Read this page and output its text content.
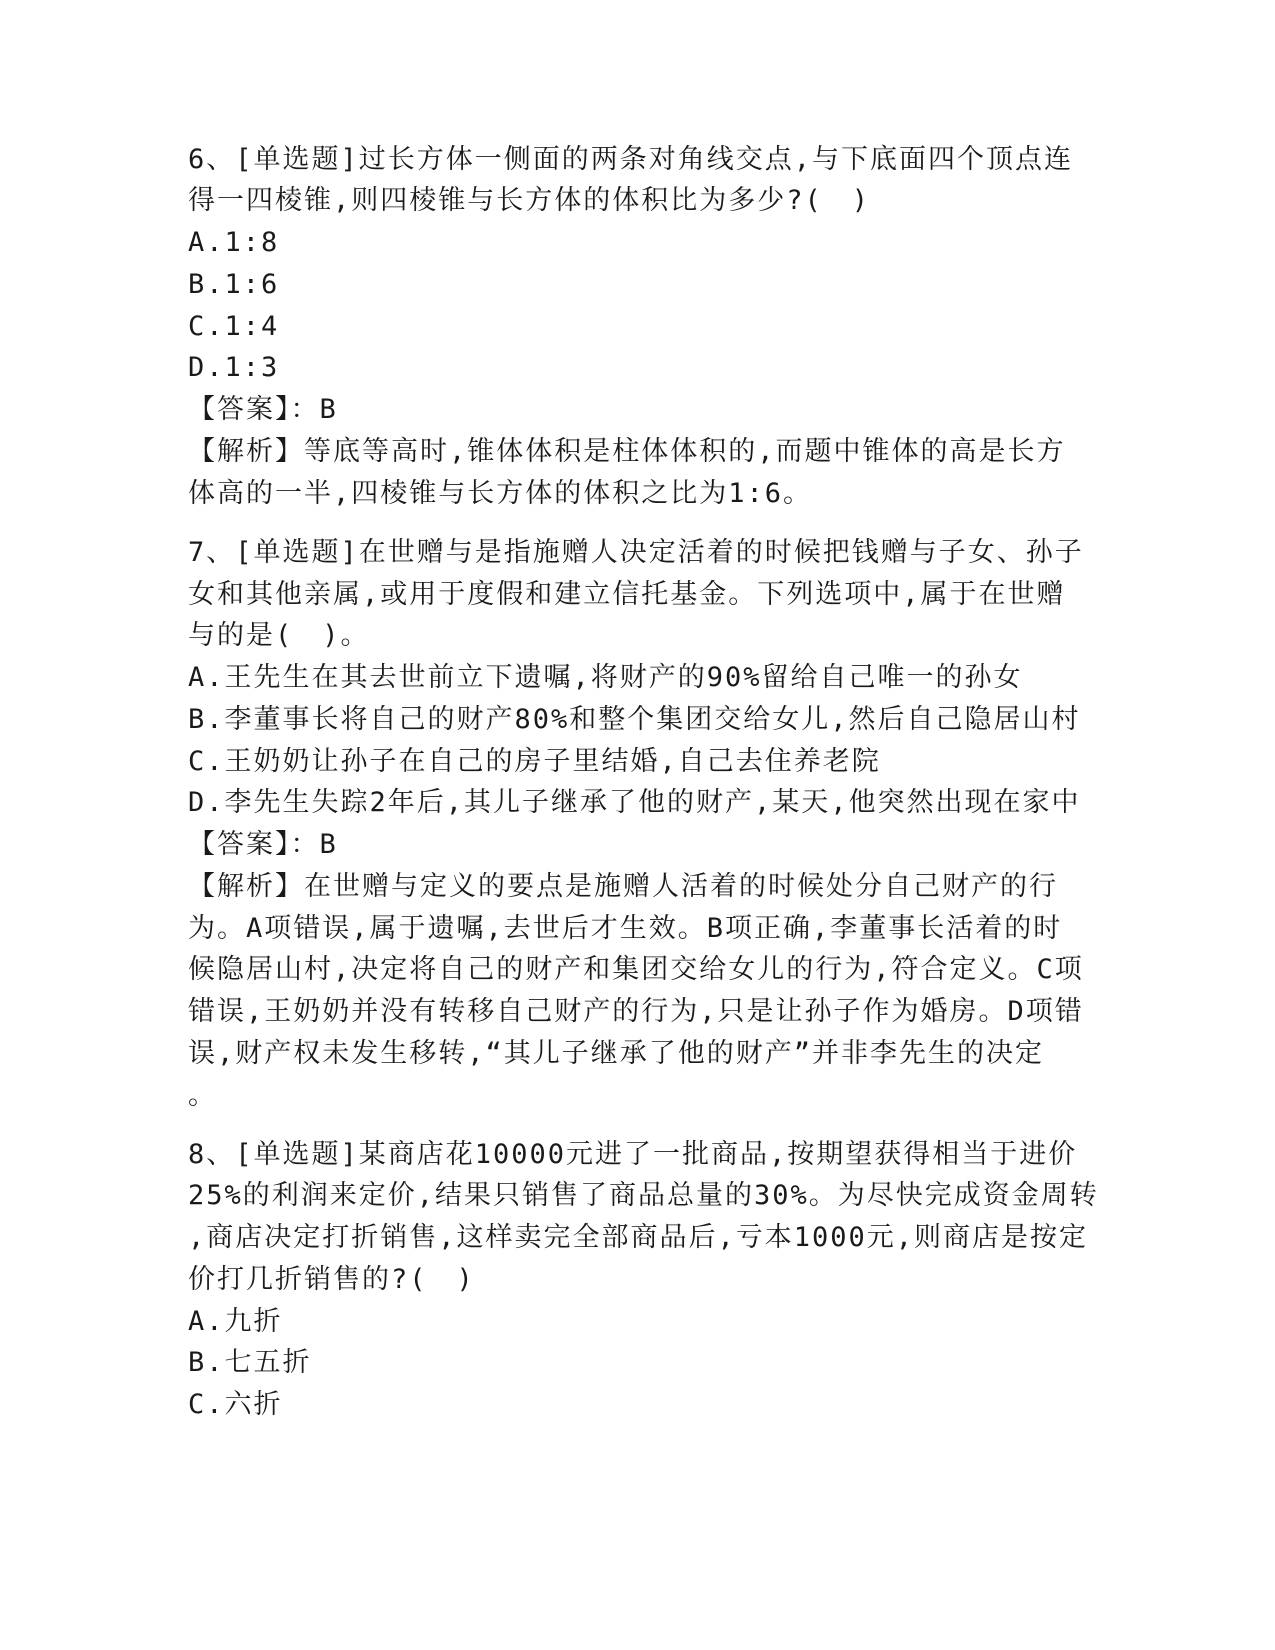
6、[单选题]过长方体一侧面的两条对角线交点,与下底面四个顶点连
得一四棱锥,则四棱锥与长方体的体积比为多少?(　)
A.1:8
B.1:6
C.1:4
D.1:3
【答案】：B
【解析】等底等高时,锥体体积是柱体体积的,而题中锥体的高是长方
体高的一半,四棱锥与长方体的体积之比为1:6。
7、[单选题]在世赠与是指施赠人决定活着的时候把钱赠与子女、孙子
女和其他亲属,或用于度假和建立信托基金。下列选项中,属于在世赠
与的是(　)。
A.王先生在其去世前立下遗嘱,将财产的90%留给自己唯一的孙女
B.李董事长将自己的财产80%和整个集团交给女儿,然后自己隐居山村
C.王奶奶让孙子在自己的房子里结婚,自己去住养老院
D.李先生失踪2年后,其儿子继承了他的财产,某天,他突然出现在家中
【答案】：B
【解析】在世赠与定义的要点是施赠人活着的时候处分自己财产的行
为。A项错误,属于遗嘱,去世后才生效。B项正确,李董事长活着的时
候隐居山村,决定将自己的财产和集团交给女儿的行为,符合定义。C项
错误,王奶奶并没有转移自己财产的行为,只是让孙子作为婚房。D项错
误,财产权未发生移转,“其儿子继承了他的财产”并非李先生的决定
。
8、[单选题]某商店花10000元进了一批商品,按期望获得相当于进价
25%的利润来定价,结果只销售了商品总量的30%。为尽快完成资金周转
,商店决定打折销售,这样卖完全部商品后,亏本1000元,则商店是按定
价打几折销售的?(　)
A.九折
B.七五折
C.六折
